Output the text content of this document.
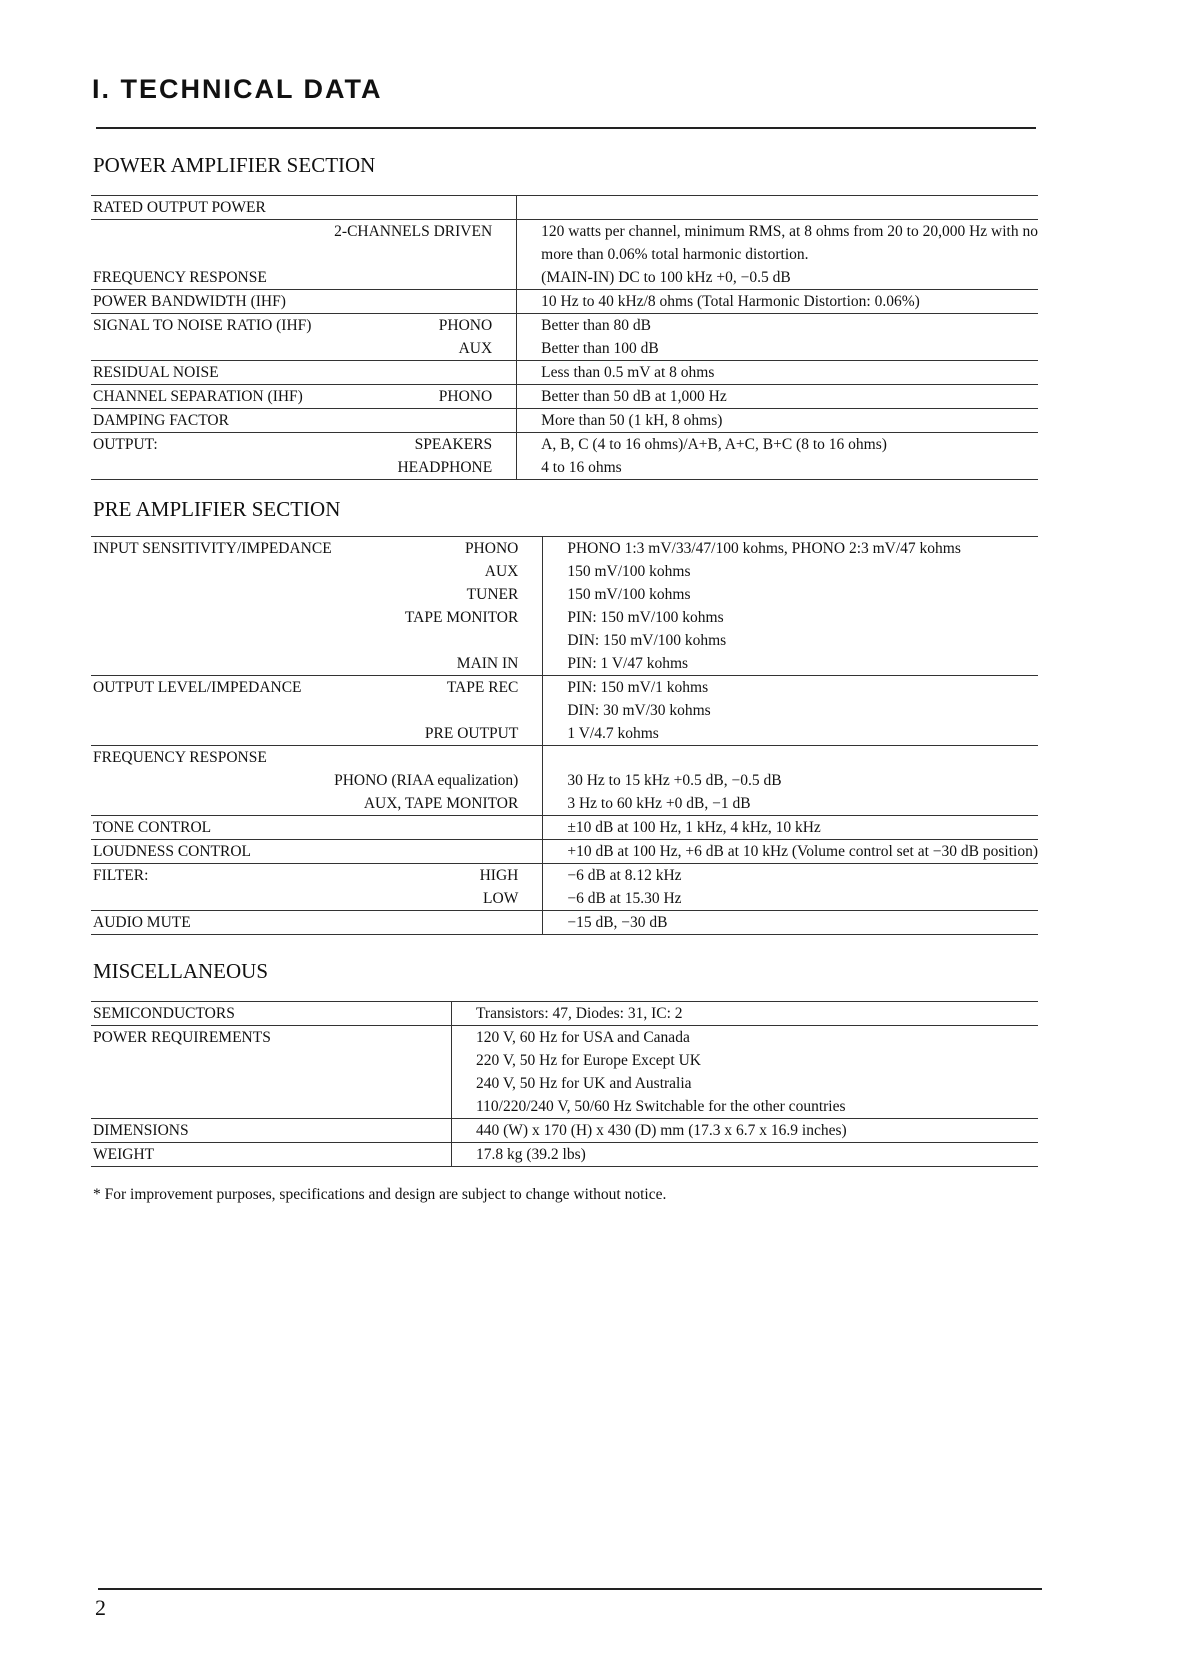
I. TECHNICAL DATA
POWER AMPLIFIER SECTION
RATED OUTPUT POWER		
	2-CHANNELS DRIVEN	120 watts per channel, minimum RMS, at 8 ohms from 20 to 20,000 Hz with no
		more than 0.06% total harmonic distortion.
FREQUENCY RESPONSE		(MAIN-IN) DC to 100 kHz +0, −0.5 dB
POWER BANDWIDTH (IHF)		10 Hz to 40 kHz/8 ohms (Total Harmonic Distortion: 0.06%)
SIGNAL TO NOISE RATIO (IHF)	PHONO	Better than 80 dB
	AUX	Better than 100 dB
RESIDUAL NOISE		Less than 0.5 mV at 8 ohms
CHANNEL SEPARATION (IHF)	PHONO	Better than 50 dB at 1,000 Hz
DAMPING FACTOR		More than 50 (1 kH, 8 ohms)
OUTPUT:	SPEAKERS	A, B, C (4 to 16 ohms)/A+B, A+C, B+C (8 to 16 ohms)
	HEADPHONE	4 to 16 ohms
PRE AMPLIFIER SECTION
INPUT SENSITIVITY/IMPEDANCE	PHONO	PHONO 1:3 mV/33/47/100 kohms, PHONO 2:3 mV/47 kohms
	AUX	150 mV/100 kohms
	TUNER	150 mV/100 kohms
	TAPE MONITOR	PIN: 150 mV/100 kohms
		DIN: 150 mV/100 kohms
	MAIN IN	PIN: 1 V/47 kohms
OUTPUT LEVEL/IMPEDANCE	TAPE REC	PIN: 150 mV/1 kohms
		DIN: 30 mV/30 kohms
	PRE OUTPUT	1 V/4.7 kohms
FREQUENCY RESPONSE		
	PHONO (RIAA equalization)	30 Hz to 15 kHz +0.5 dB, −0.5 dB
	AUX, TAPE MONITOR	3 Hz to 60 kHz +0 dB, −1 dB
TONE CONTROL		±10 dB at 100 Hz, 1 kHz, 4 kHz, 10 kHz
LOUDNESS CONTROL		+10 dB at 100 Hz, +6 dB at 10 kHz (Volume control set at −30 dB position)
FILTER:	HIGH	−6 dB at 8.12 kHz
	LOW	−6 dB at 15.30 Hz
AUDIO MUTE		−15 dB, −30 dB
MISCELLANEOUS
SEMICONDUCTORS		Transistors: 47, Diodes: 31, IC: 2
POWER REQUIREMENTS		120 V, 60 Hz for USA and Canada
		220 V, 50 Hz for Europe Except UK
		240 V, 50 Hz for UK and Australia
		110/220/240 V, 50/60 Hz Switchable for the other countries
DIMENSIONS		440 (W) x 170 (H) x 430 (D) mm (17.3 x 6.7 x 16.9 inches)
WEIGHT		17.8 kg (39.2 lbs)

* For improvement purposes, specifications and design are subject to change without notice.

2
